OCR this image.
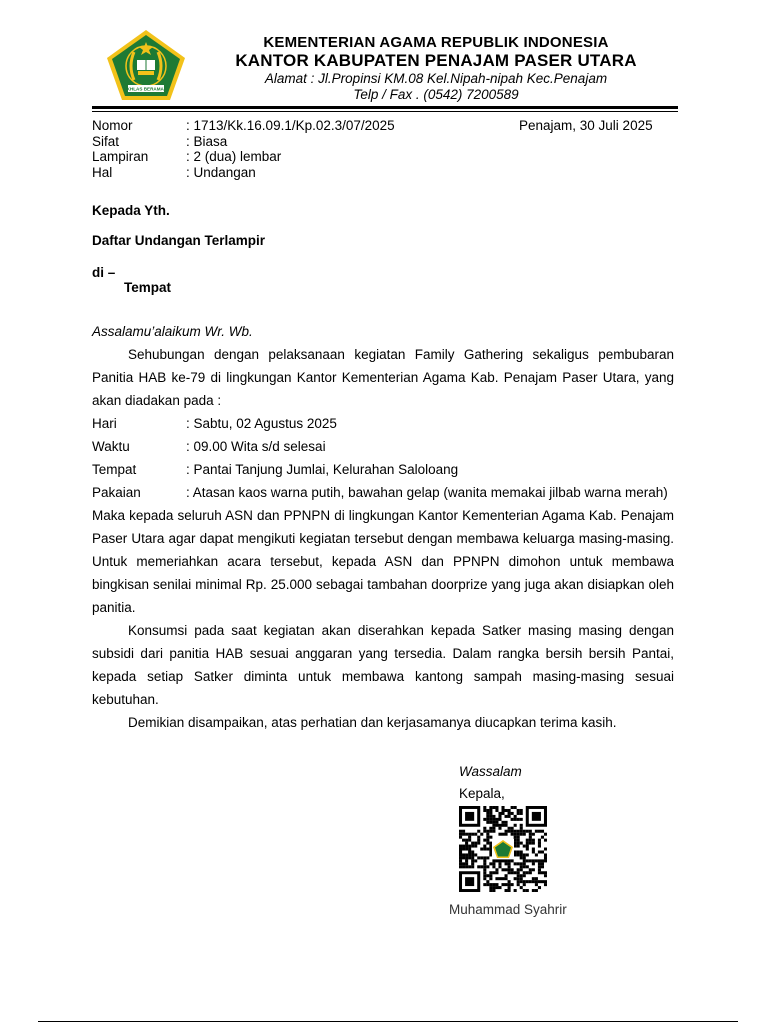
IKHLAS BERAMAL
KEMENTERIAN AGAMA REPUBLIK INDONESIA
KANTOR KABUPATEN PENAJAM PASER UTARA
Alamat : Jl.Propinsi KM.08 Kel.Nipah-nipah Kec.Penajam
Telp / Fax . (0542) 7200589
Nomor	: 1713/Kk.16.09.1/Kp.02.3/07/2025
Sifat	: Biasa
Lampiran	: 2 (dua) lembar
Hal	: Undangan
Penajam, 30 Juli 2025
Kepada Yth.
Daftar Undangan Terlampir
di –
Tempat

Assalamu’alaikum Wr. Wb.

Sehubungan dengan pelaksanaan kegiatan Family Gathering sekaligus pembubaran Panitia HAB ke-79 di lingkungan Kantor Kementerian Agama Kab. Penajam Paser Utara, yang akan diadakan pada :

Hari	: Sabtu, 02 Agustus 2025
Waktu	: 09.00 Wita s/d selesai
Tempat	: Pantai Tanjung Jumlai, Kelurahan Saloloang
Pakaian	: Atasan kaos warna putih, bawahan gelap (wanita memakai jilbab warna merah)

Maka kepada seluruh ASN dan PPNPN di lingkungan Kantor Kementerian Agama Kab. Penajam Paser Utara agar dapat mengikuti kegiatan tersebut dengan membawa keluarga masing-masing. Untuk memeriahkan acara tersebut, kepada ASN dan PPNPN dimohon untuk membawa bingkisan senilai minimal Rp. 25.000 sebagai tambahan doorprize yang juga akan disiapkan oleh panitia.

Konsumsi pada saat kegiatan akan diserahkan kepada Satker masing masing dengan subsidi dari panitia HAB sesuai anggaran yang tersedia. Dalam rangka bersih bersih Pantai, kepada setiap Satker diminta untuk membawa kantong sampah masing-masing sesuai kebutuhan.

Demikian disampaikan, atas perhatian dan kerjasamanya diucapkan terima kasih.

Wassalam
Kepala,
Muhammad Syahrir
